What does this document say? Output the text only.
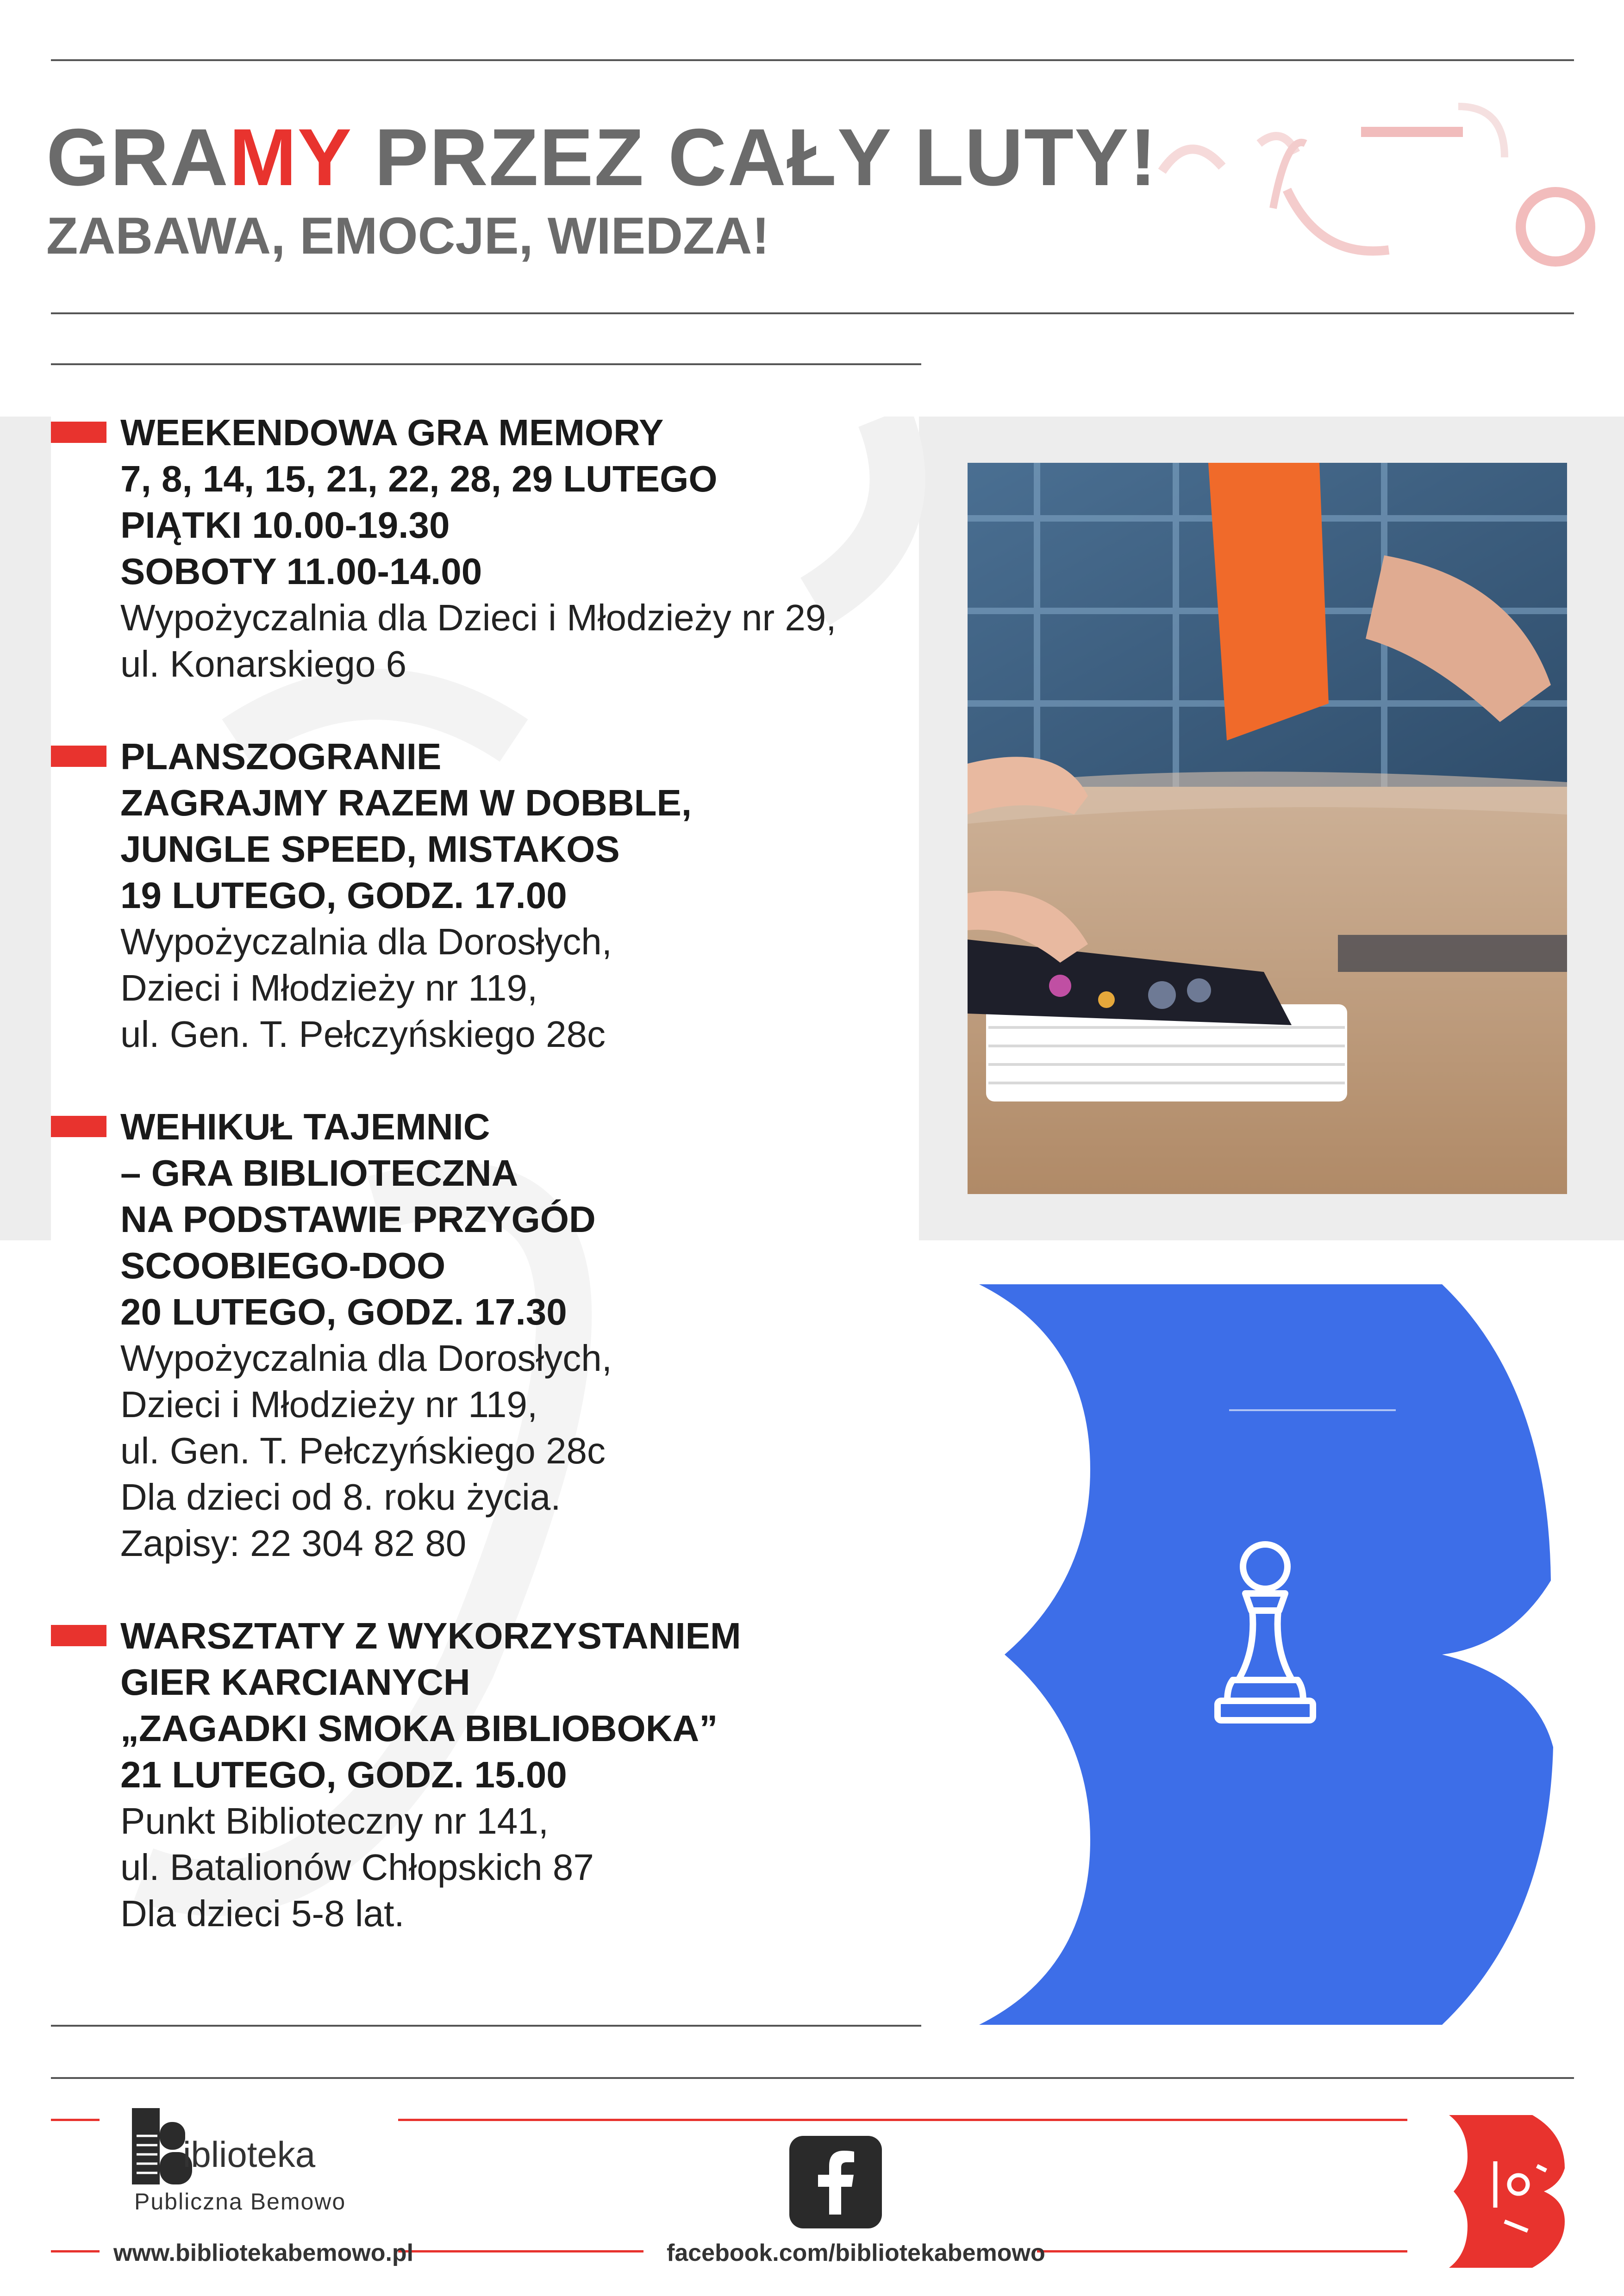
GRAMY PRZEZ CAŁY LUTY!
ZABAWA, EMOCJE, WIEDZA!
WEEKENDOWA GRA MEMORY
7, 8, 14, 15, 21, 22, 28, 29 LUTEGO
PIĄTKI 10.00-19.30
SOBOTY 11.00-14.00
Wypożyczalnia dla Dzieci i Młodzieży nr 29,
ul. Konarskiego 6
PLANSZOGRANIE
ZAGRAJMY RAZEM W DOBBLE,
JUNGLE SPEED, MISTAKOS
19 LUTEGO, GODZ. 17.00
Wypożyczalnia dla Dorosłych,
Dzieci i Młodzieży nr 119,
ul. Gen. T. Pełczyńskiego 28c
WEHIKUŁ TAJEMNIC
– GRA BIBLIOTECZNA
NA PODSTAWIE PRZYGÓD
SCOOBIEGO-DOO
20 LUTEGO, GODZ. 17.30
Wypożyczalnia dla Dorosłych,
Dzieci i Młodzieży nr 119,
ul. Gen. T. Pełczyńskiego 28c
Dla dzieci od 8. roku życia.
Zapisy: 22 304 82 80
WARSZTATY Z WYKORZYSTANIEM
GIER KARCIANYCH
„ZAGADKI SMOKA BIBLIOBOKA”
21 LUTEGO, GODZ. 15.00
Punkt Biblioteczny nr 141,
ul. Batalionów Chłopskich 87
Dla dzieci 5-8 lat.
iblioteka
Publiczna Bemowo
www.bibliotekabemowo.pl	facebook.com/bibliotekabemowo
